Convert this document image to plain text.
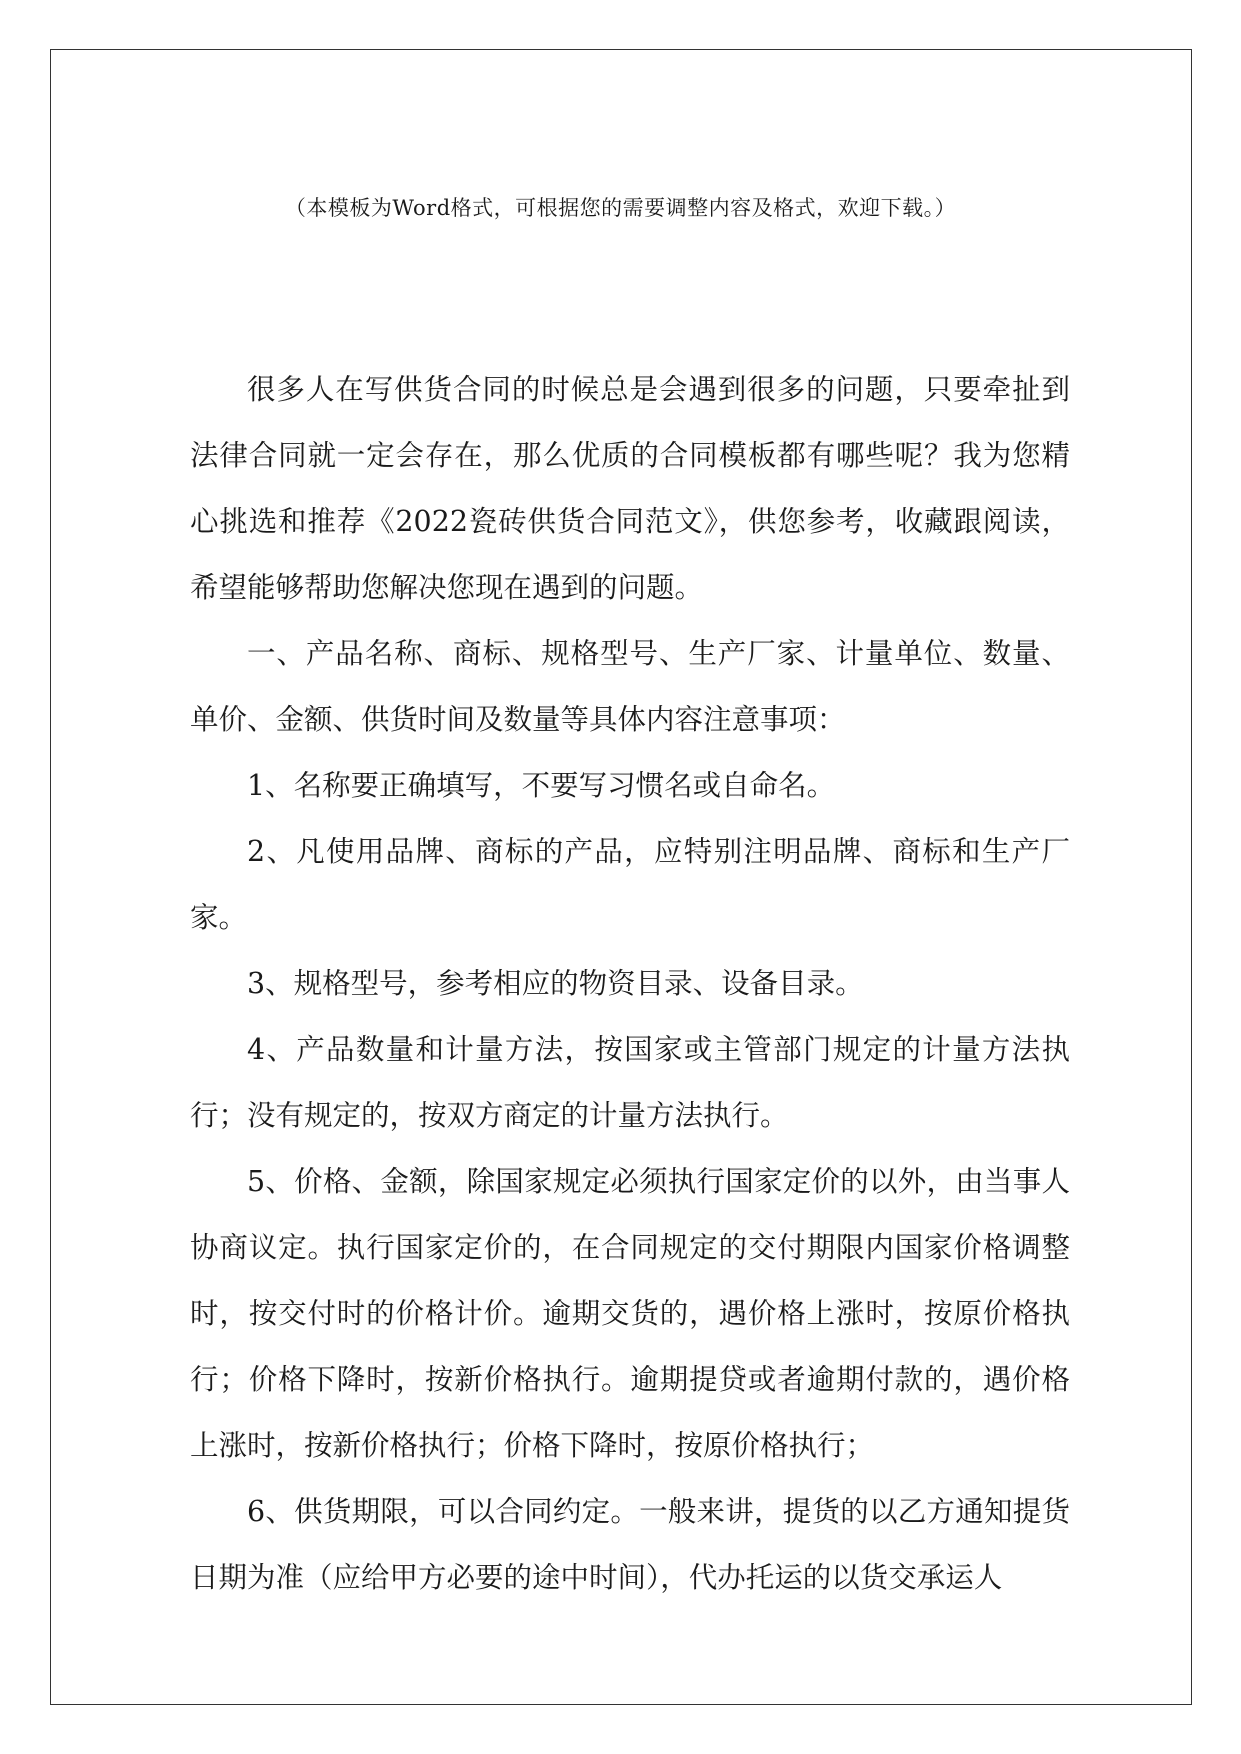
（本模板为Word格式，可根据您的需要调整内容及格式，欢迎下载。）

很多人在写供货合同的时候总是会遇到很多的问题，只要牵扯到法律合同就一定会存在，那么优质的合同模板都有哪些呢？我为您精心挑选和推荐《2022瓷砖供货合同范文》，供您参考，收藏跟阅读，希望能够帮助您解决您现在遇到的问题。

一、产品名称、商标、规格型号、生产厂家、计量单位、数量、单价、金额、供货时间及数量等具体内容注意事项：

1、名称要正确填写，不要写习惯名或自命名。

2、凡使用品牌、商标的产品，应特别注明品牌、商标和生产厂家。

3、规格型号，参考相应的物资目录、设备目录。

4、产品数量和计量方法，按国家或主管部门规定的计量方法执行；没有规定的，按双方商定的计量方法执行。

5、价格、金额，除国家规定必须执行国家定价的以外，由当事人协商议定。执行国家定价的，在合同规定的交付期限内国家价格调整时，按交付时的价格计价。逾期交货的，遇价格上涨时，按原价格执行；价格下降时，按新价格执行。逾期提贷或者逾期付款的，遇价格上涨时，按新价格执行；价格下降时，按原价格执行；

6、供货期限，可以合同约定。一般来讲，提货的以乙方通知提货日期为准（应给甲方必要的途中时间），代办托运的以货交承运人
